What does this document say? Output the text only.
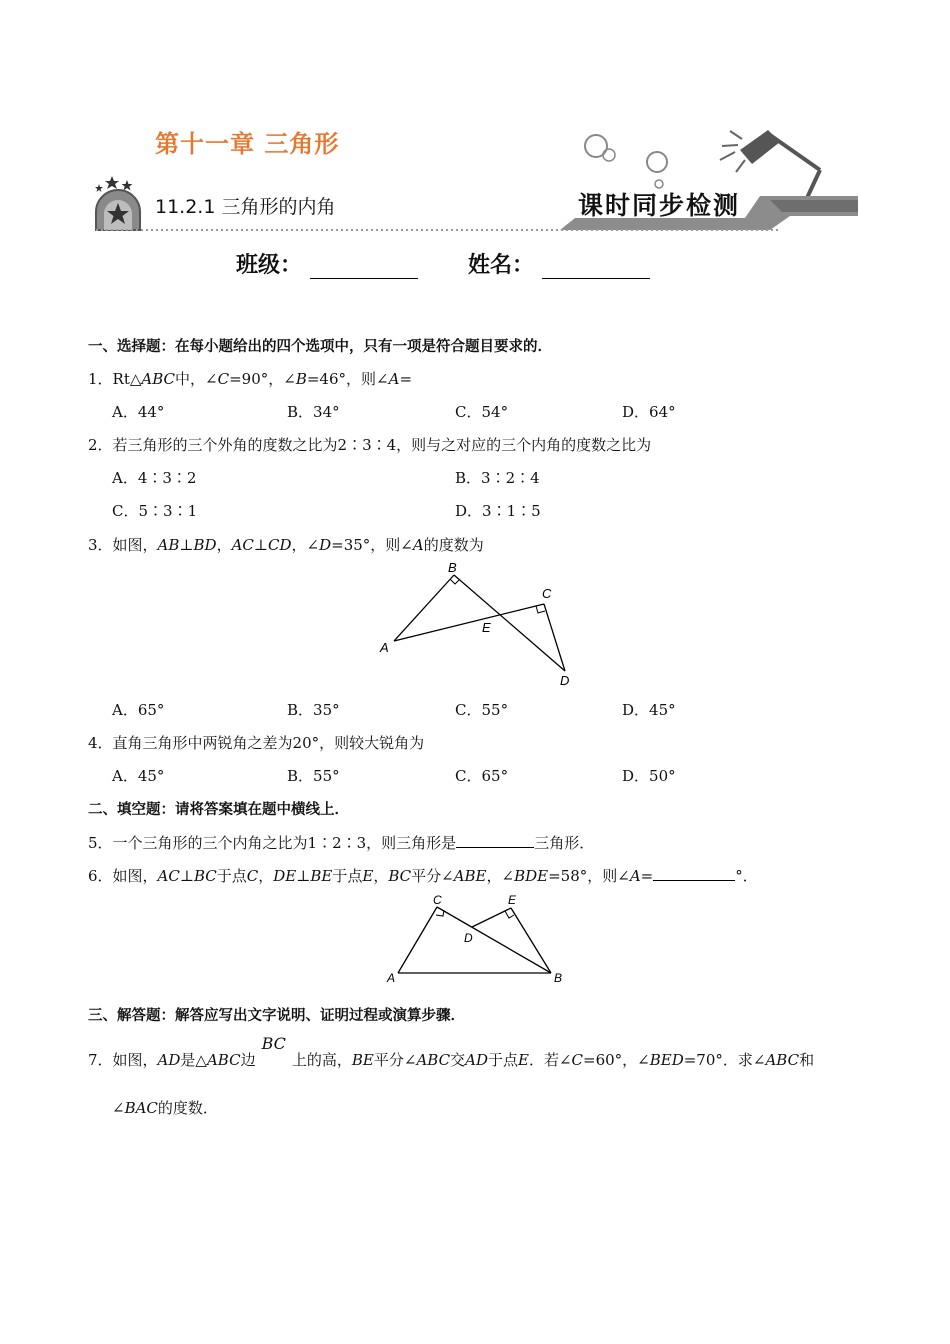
第十一章 三角形
11.2.1 三角形的内角	课时同步检测
班级：	姓名：
一、选择题：在每小题给出的四个选项中，只有一项是符合题目要求的．
1．Rt△ABC中，∠C=90°，∠B=46°，则∠A=
A．44°	B．34°	C．54°	D．64°
2．若三角形的三个外角的度数之比为2∶3∶4，则与之对应的三个内角的度数之比为
A．4∶3∶2	B．3∶2∶4
C．5∶3∶1	D．3∶1∶5
3．如图，AB⊥BD，AC⊥CD，∠D=35°，则∠A的度数为
B
C
E
A
D
A．65°	B．35°	C．55°	D．45°
4．直角三角形中两锐角之差为20°，则较大锐角为
A．45°	B．55°	C．65°	D．50°
二、填空题：请将答案填在题中横线上．
5．一个三角形的三个内角之比为1∶2∶3，则三角形是	三角形．
6．如图，AC⊥BC于点C，DE⊥BE于点E，BC平分∠ABE，∠BDE=58°，则∠A=	°．
C	E
D
A	B
三、解答题：解答应写出文字说明、证明过程或演算步骤．
7．如图，AD是△ABC边BC上的高，BE平分∠ABC交AD于点E．若∠C=60°，∠BED=70°．求∠ABC和
∠BAC的度数．
